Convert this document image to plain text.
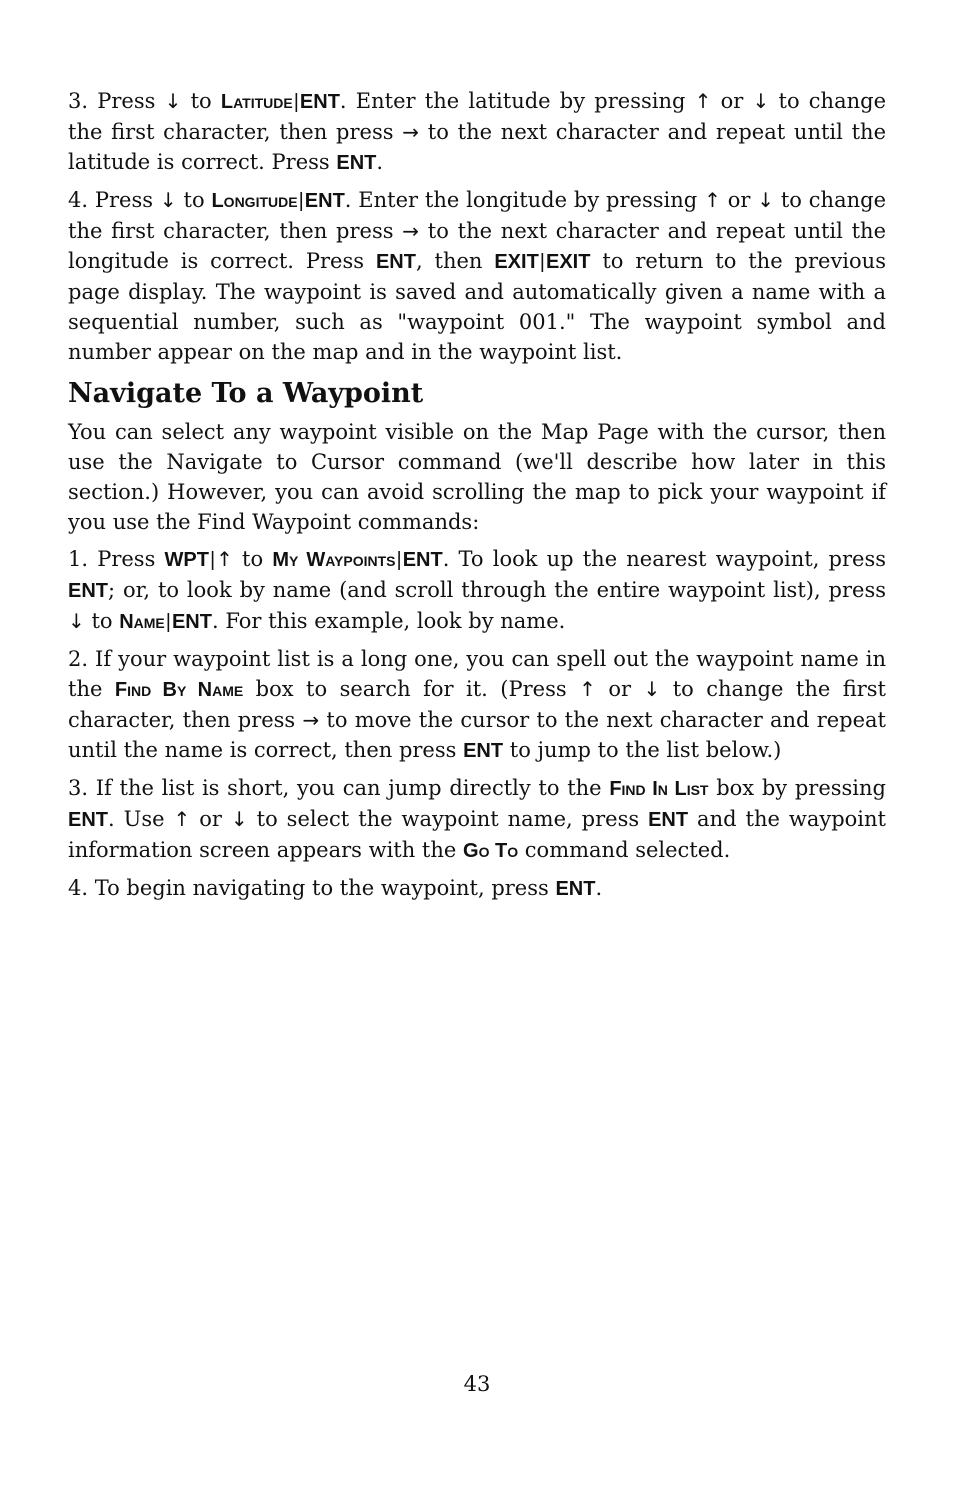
3. Press ↓ to Latitude|ENT. Enter the latitude by pressing ↑ or ↓ to change the first character, then press → to the next character and repeat until the latitude is correct. Press ENT.

4. Press ↓ to Longitude|ENT. Enter the longitude by pressing ↑ or ↓ to change the first character, then press → to the next character and repeat until the longitude is correct. Press ENT, then EXIT|EXIT to return to the previous page display. The waypoint is saved and automatically given a name with a sequential number, such as "waypoint 001." The waypoint symbol and number appear on the map and in the waypoint list.

Navigate To a Waypoint

You can select any waypoint visible on the Map Page with the cursor, then use the Navigate to Cursor command (we'll describe how later in this section.) However, you can avoid scrolling the map to pick your waypoint if you use the Find Waypoint commands:

1. Press WPT|↑ to My Waypoints|ENT. To look up the nearest waypoint, press ENT; or, to look by name (and scroll through the entire waypoint list), press ↓ to Name|ENT. For this example, look by name.

2. If your waypoint list is a long one, you can spell out the waypoint name in the Find By Name box to search for it. (Press ↑ or ↓ to change the first character, then press → to move the cursor to the next character and repeat until the name is correct, then press ENT to jump to the list below.)

3. If the list is short, you can jump directly to the Find In List box by pressing ENT. Use ↑ or ↓ to select the waypoint name, press ENT and the waypoint information screen appears with the Go To command selected.

4. To begin navigating to the waypoint, press ENT.

43
